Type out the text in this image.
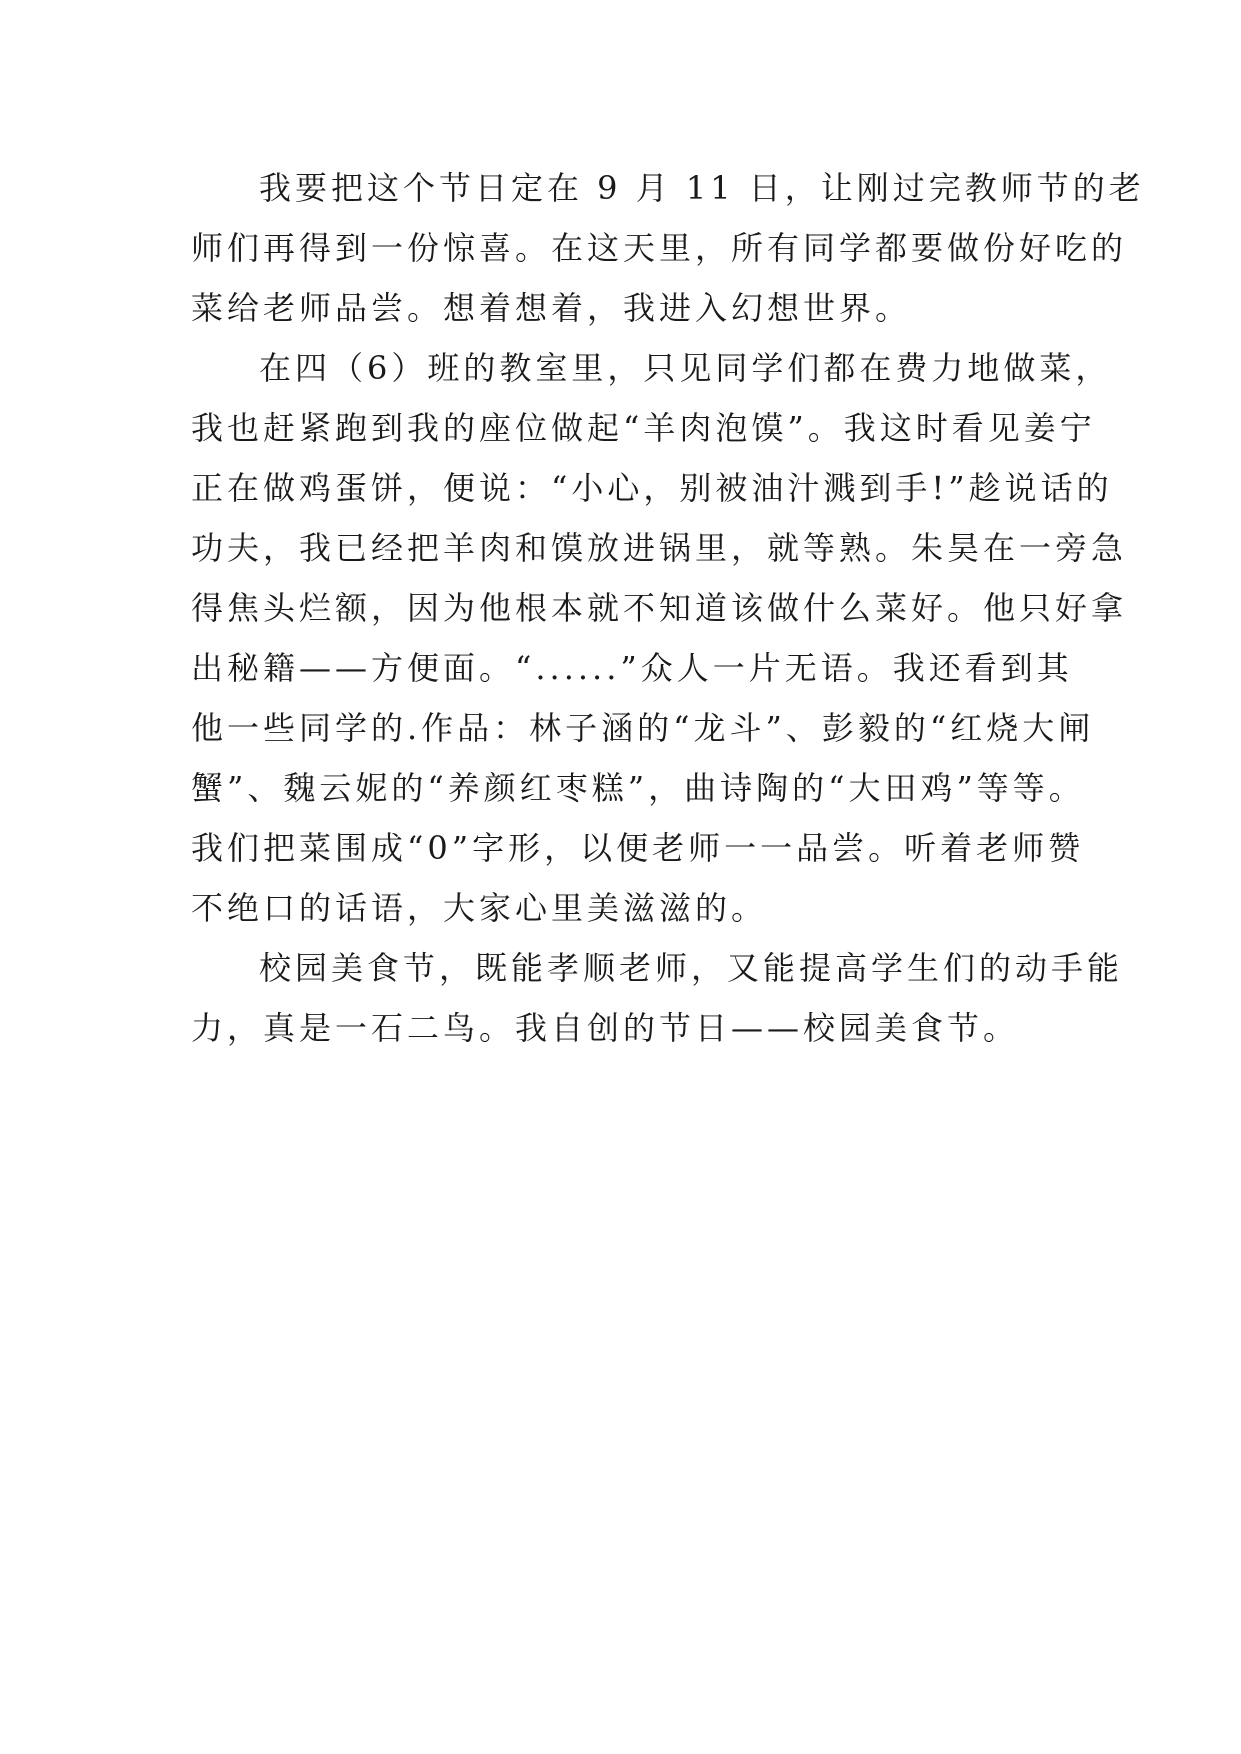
我要把这个节日定在 9 月 11 日，让刚过完教师节的老
师们再得到一份惊喜。在这天里，所有同学都要做份好吃的
菜给老师品尝。想着想着，我进入幻想世界。
在四（6）班的教室里，只见同学们都在费力地做菜，
我也赶紧跑到我的座位做起“羊肉泡馍”。我这时看见姜宁
正在做鸡蛋饼，便说：“小心，别被油汁溅到手!”趁说话的
功夫，我已经把羊肉和馍放进锅里，就等熟。朱昊在一旁急
得焦头烂额，因为他根本就不知道该做什么菜好。他只好拿
出秘籍——方便面。“......”众人一片无语。我还看到其
他一些同学的.作品：林子涵的“龙斗”、彭毅的“红烧大闸
蟹”、魏云妮的“养颜红枣糕”，曲诗陶的“大田鸡”等等。
我们把菜围成“0”字形，以便老师一一品尝。听着老师赞
不绝口的话语，大家心里美滋滋的。
校园美食节，既能孝顺老师，又能提高学生们的动手能
力，真是一石二鸟。我自创的节日——校园美食节。
